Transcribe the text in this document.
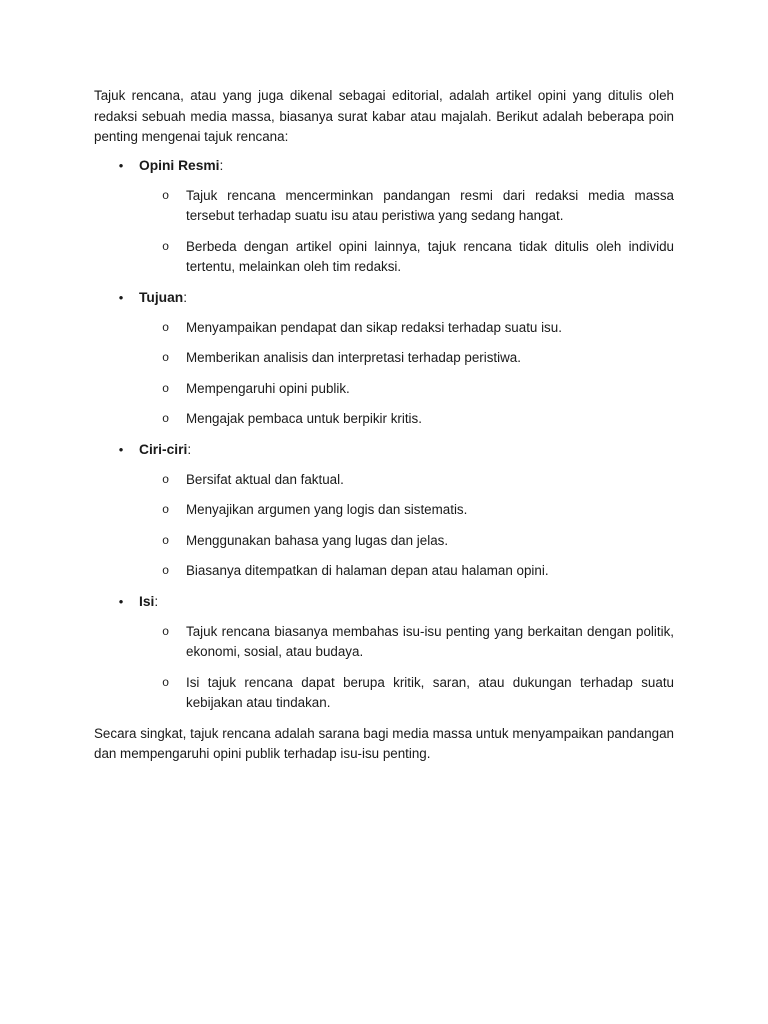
Tajuk rencana, atau yang juga dikenal sebagai editorial, adalah artikel opini yang ditulis oleh redaksi sebuah media massa, biasanya surat kabar atau majalah. Berikut adalah beberapa poin penting mengenai tajuk rencana:

• Opini Resmi:
o Tajuk rencana mencerminkan pandangan resmi dari redaksi media massa tersebut terhadap suatu isu atau peristiwa yang sedang hangat.
o Berbeda dengan artikel opini lainnya, tajuk rencana tidak ditulis oleh individu tertentu, melainkan oleh tim redaksi.
• Tujuan:
o Menyampaikan pendapat dan sikap redaksi terhadap suatu isu.
o Memberikan analisis dan interpretasi terhadap peristiwa.
o Mempengaruhi opini publik.
o Mengajak pembaca untuk berpikir kritis.
• Ciri-ciri:
o Bersifat aktual dan faktual.
o Menyajikan argumen yang logis dan sistematis.
o Menggunakan bahasa yang lugas dan jelas.
o Biasanya ditempatkan di halaman depan atau halaman opini.
• Isi:
o Tajuk rencana biasanya membahas isu-isu penting yang berkaitan dengan politik, ekonomi, sosial, atau budaya.
o Isi tajuk rencana dapat berupa kritik, saran, atau dukungan terhadap suatu kebijakan atau tindakan.

Secara singkat, tajuk rencana adalah sarana bagi media massa untuk menyampaikan pandangan dan mempengaruhi opini publik terhadap isu-isu penting.
